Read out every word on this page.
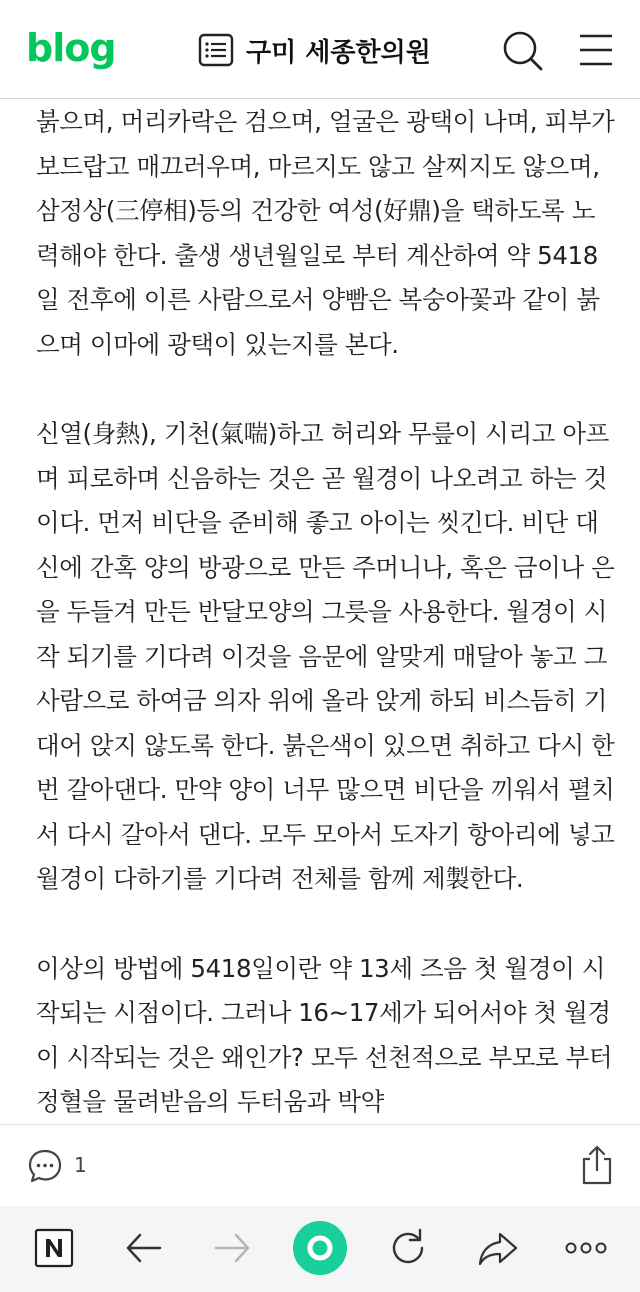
blog	구미 세종한의원

붉으며, 머리카락은 검으며, 얼굴은 광택이 나며, 피부가 보드랍고 매끄러우며, 마르지도 않고 살찌지도 않으며, 삼정상(三停相)등의 건강한 여성(好鼎)을 택하도록 노력해야 한다. 출생 생년월일로 부터 계산하여 약 5418일 전후에 이른 사람으로서 양빰은 복숭아꽃과 같이 붉으며 이마에 광택이 있는지를 본다.

신열(身熱), 기천(氣喘)하고 허리와 무릎이 시리고 아프며 피로하며 신음하는 것은 곧 월경이 나오려고 하는 것이다. 먼저 비단을 준비해 좋고 아이는 씻긴다. 비단 대신에 간혹 양의 방광으로 만든 주머니나, 혹은 금이나 은을 두들겨 만든 반달모양의 그릇을 사용한다. 월경이 시작 되기를 기다려 이것을 음문에 알맞게 매달아 놓고 그 사람으로 하여금 의자 위에 올라 앉게 하되 비스듬히 기대어 앉지 않도록 한다. 붉은색이 있으면 취하고 다시 한번 갈아댄다. 만약 양이 너무 많으면 비단을 끼워서 펼치서 다시 갈아서 댄다. 모두 모아서 도자기 항아리에 넣고 월경이 다하기를 기다려 전체를 함께 제製한다.

이상의 방법에 5418일이란 약 13세 즈음 첫 월경이 시작되는 시점이다. 그러나 16~17세가 되어서야 첫 월경이 시작되는 것은 왜인가? 모두 선천적으로 부모로 부터 정혈을 물려받음의 두터움과 박약

1
